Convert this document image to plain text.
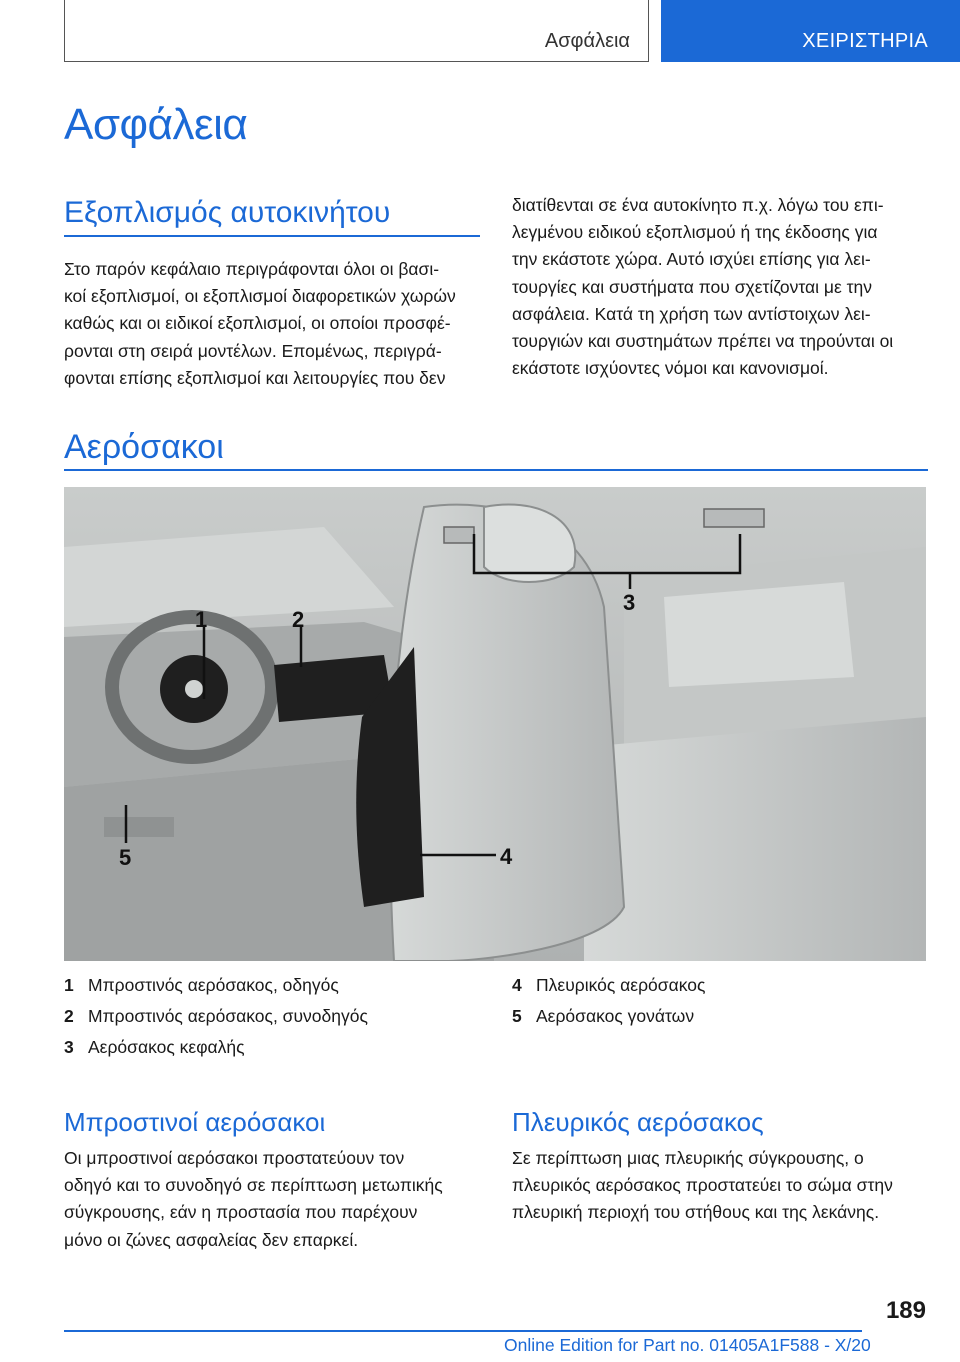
Ασφάλεια	ΧΕΙΡΙΣΤΗΡΙΑ
Ασφάλεια
Εξοπλισμός αυτοκινήτου
Στο παρόν κεφάλαιο περιγράφονται όλοι οι βασι‐
κοί εξοπλισμοί, οι εξοπλισμοί διαφορετικών χωρών
καθώς και οι ειδικοί εξοπλισμοί, οι οποίοι προσφέ‐
ρονται στη σειρά μοντέλων. Επομένως, περιγρά‐
φονται επίσης εξοπλισμοί και λειτουργίες που δεν
διατίθενται σε ένα αυτοκίνητο π.χ. λόγω του επι‐
λεγμένου ειδικού εξοπλισμού ή της έκδοσης για
την εκάστοτε χώρα. Αυτό ισχύει επίσης για λει‐
τουργίες και συστήματα που σχετίζονται με την
ασφάλεια. Κατά τη χρήση των αντίστοιχων λει‐
τουργιών και συστημάτων πρέπει να τηρούνται οι
εκάστοτε ισχύοντες νόμοι και κανονισμοί.
Αερόσακοι
1	2
3
4
5
1 Μπροστινός αερόσακος, οδηγός
2 Μπροστινός αερόσακος, συνοδηγός
3 Αερόσακος κεφαλής
4 Πλευρικός αερόσακος
5 Αερόσακος γονάτων
Μπροστινοί αερόσακοι
Οι μπροστινοί αερόσακοι προστατεύουν τον
οδηγό και το συνοδηγό σε περίπτωση μετωπικής
σύγκρουσης, εάν η προστασία που παρέχουν
μόνο οι ζώνες ασφαλείας δεν επαρκεί.
Πλευρικός αερόσακος
Σε περίπτωση μιας πλευρικής σύγκρουσης, ο
πλευρικός αερόσακος προστατεύει το σώμα στην
πλευρική περιοχή του στήθους και της λεκάνης.
189
Online Edition for Part no. 01405A1F588 - X/20
